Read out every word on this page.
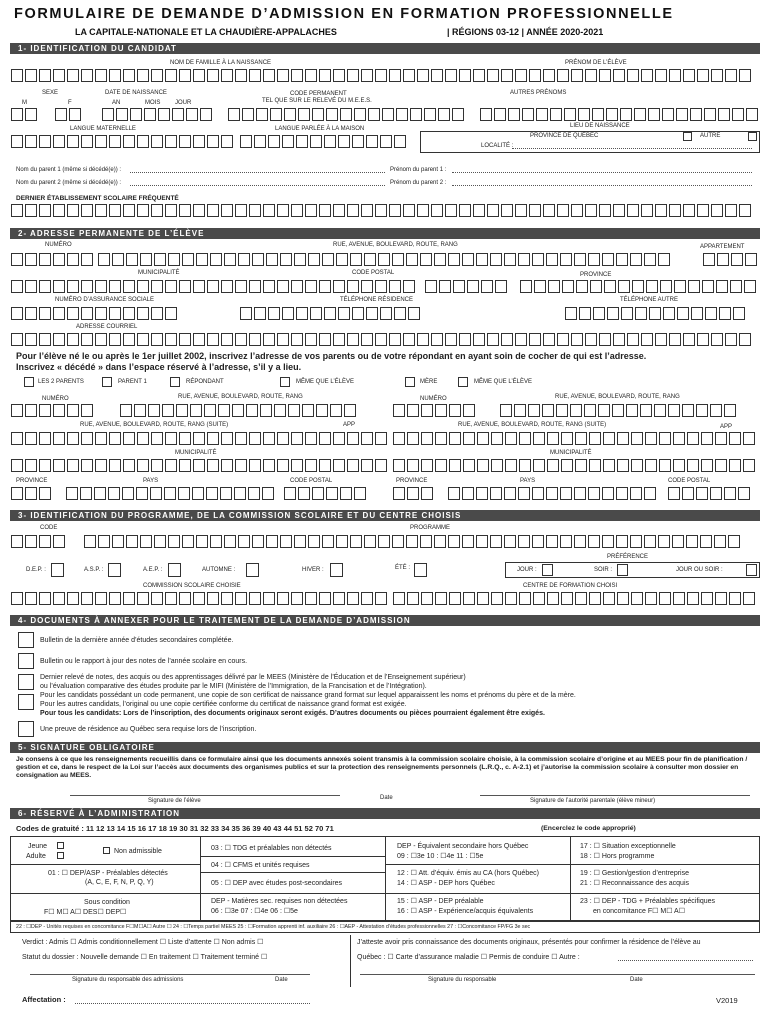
FORMULAIRE DE DEMANDE D’ADMISSION EN FORMATION PROFESSIONNELLE
LA CAPITALE-NATIONALE ET LA CHAUDIÈRE-APPALACHES	| RÉGIONS 03-12 | ANNÉE 2020-2021
1- IDENTIFICATION DU CANDIDAT
NOM DE FAMILLE À LA NAISSANCE	PRÉNOM DE L’ÉLÈVE
SEXE
M	F
DATE DE NAISSANCE
AN	MOIS JOUR
CODE PERMANENT
TEL QUE SUR LE RELEVÉ DU M.E.E.S.
AUTRES PRÉNOMS
LANGUE MATERNELLE	LANGUE PARLÉE À LA MAISON	LIEU DE NAISSANCE
PROVINCE DE QUÉBEC	AUTRE
LOCALITÉ :
Nom du parent 1 (même si décédé(e)) :	Prénom du parent 1 :
Nom du parent 2 (même si décédé(e)) :	Prénom du parent 2 :
DERNIER ÉTABLISSEMENT SCOLAIRE FRÉQUENTÉ
2- ADRESSE PERMANENTE DE L’ÉLÈVE
NUMÉRO	RUE, AVENUE, BOULEVARD, ROUTE, RANG	APPARTEMENT
MUNICIPALITÉ	CODE POSTAL	PROVINCE
NUMÉRO D’ASSURANCE SOCIALE	TÉLÉPHONE RÉSIDENCE	TÉLÉPHONE AUTRE
ADRESSE COURRIEL
Pour l’élève né le ou après le 1er juillet 2002, inscrivez l’adresse de vos parents ou de votre répondant en ayant soin de cocher de qui est l’adresse. Inscrivez « décédé » dans l’espace réservé à l’adresse, s’il y a lieu.
LES 2 PARENTS	PARENT 1	RÉPONDANT	MÊME QUE L’ÉLÈVE	MÈRE	MÊME QUE L’ÉLÈVE
NUMÉRO	RUE, AVENUE, BOULEVARD, ROUTE, RANG	NUMÉRO	RUE, AVENUE, BOULEVARD, ROUTE, RANG
RUE, AVENUE, BOULEVARD, ROUTE, RANG (SUITE)	APP	RUE, AVENUE, BOULEVARD, ROUTE, RANG (SUITE)	APP
MUNICIPALITÉ	MUNICIPALITÉ
PROVINCE	PAYS	CODE POSTAL	PROVINCE	PAYS	CODE POSTAL
3- IDENTIFICATION DU PROGRAMME, DE LA COMMISSION SCOLAIRE ET DU CENTRE CHOISIS
CODE	PROGRAMME
PRÉFÉRENCE
D.E.P. :	A.S.P. :	A.E.P. :	AUTOMNE :	HIVER :	ÉTÉ :	JOUR :	SOIR :	JOUR OU SOIR :
COMMISSION SCOLAIRE CHOISIE	CENTRE DE FORMATION CHOISI
4- DOCUMENTS À ANNEXER POUR LE TRAITEMENT DE LA DEMANDE D’ADMISSION
Bulletin de la dernière année d’études secondaires complétée.
Bulletin ou le rapport à jour des notes de l’année scolaire en cours.
Dernier relevé de notes, des acquis ou des apprentissages délivré par le MEES (Ministère de l’Éducation et de l’Enseignement supérieur)
ou l’évaluation comparative des études produite par le MIFI (Ministère de l’Immigration, de la Francisation et de l’Intégration).
Pour les candidats possédant un code permanent, une copie de son certificat de naissance grand format sur lequel apparaissent les noms et prénoms du père et de la mère.
Pour les autres candidats, l’original ou une copie certifiée conforme du certificat de naissance grand format est exigée.
Pour tous les candidats: Lors de l’inscription, des documents originaux seront exigés. D’autres documents ou pièces pourraient également être exigés.
Une preuve de résidence au Québec sera requise lors de l’inscription.
5- SIGNATURE OBLIGATOIRE
Je consens à ce que les renseignements recueillis dans ce formulaire ainsi que les documents annexés soient transmis à la commission scolaire choisie, à la commission scolaire d’origine et au MEES pour fin de planification / gestion et ce, dans le respect de la Loi sur l’accès aux documents des organismes publics et sur la protection des renseignements personnels (L.R.Q., c. A-2.1) et j’autorise la commission scolaire à consulter mon dossier en consignation au MEES.
Signature de l’élève	Date	Signature de l’autorité parentale (élève mineur)
6- RÉSERVÉ À L’ADMINISTRATION
Codes de gratuité : 11 12 13 14 15 16 17 18 19 30 31 32 33 34 35 36 39 40 43 44 51 52 70 71	(Encerclez le code approprié)
Jeune
Adulte
Non admissible
01 : ☐ DEP/ASP - Préalables détectés
(A, C, E, F, N, P, Q, Y)
Sous condition
F☐ M☐ A☐ DES☐ DEP☐
03 : ☐ TDG et préalables non détectés
04 : ☐ CFMS et unités requises
05 : ☐ DEP avec études post-secondaires
DEP - Matières sec. requises non détectées
06 : ☐3e 07 : ☐4e 06 : ☐5e
DEP - Équivalent secondaire hors Québec
09 : ☐3e 10 : ☐4e 11 : ☐5e
12 : ☐ Att. d’équiv. émis au CA (hors Québec)
14 : ☐ ASP - DEP hors Québec
15 : ☐ ASP - DEP préalable
16 : ☐ ASP - Expérience/acquis équivalents
17 : ☐ Situation exceptionnelle
18 : ☐ Hors programme
19 : ☐ Gestion/gestion d’entreprise
21 : ☐ Reconnaissance des acquis
23 : ☐ DEP - TDG + Préalables spécifiques
en concomitance F☐ M☐ A☐
22 : ☐DEP - Unités requises en concomitance F☐M☐A☐ Autre ☐ 24 : ☐Temps partiel MEES 25 : ☐Formation apprenti inf. auxiliaire 26 : ☐AEP - Attestation d’études professionnelles 27 : ☐Concomitance FP/FG 3e sec
Verdict : Admis ☐ Admis conditionnellement ☐ Liste d’attente ☐ Non admis ☐
Statut du dossier : Nouvelle demande ☐ En traitement ☐ Traitement terminé ☐
J’atteste avoir pris connaissance des documents originaux, présentés pour confirmer la résidence de l’élève au
Québec : ☐ Carte d’assurance maladie ☐ Permis de conduire ☐ Autre :
Signature du responsable des admissions	Date	Signature du responsable	Date
Affectation :	V2019
